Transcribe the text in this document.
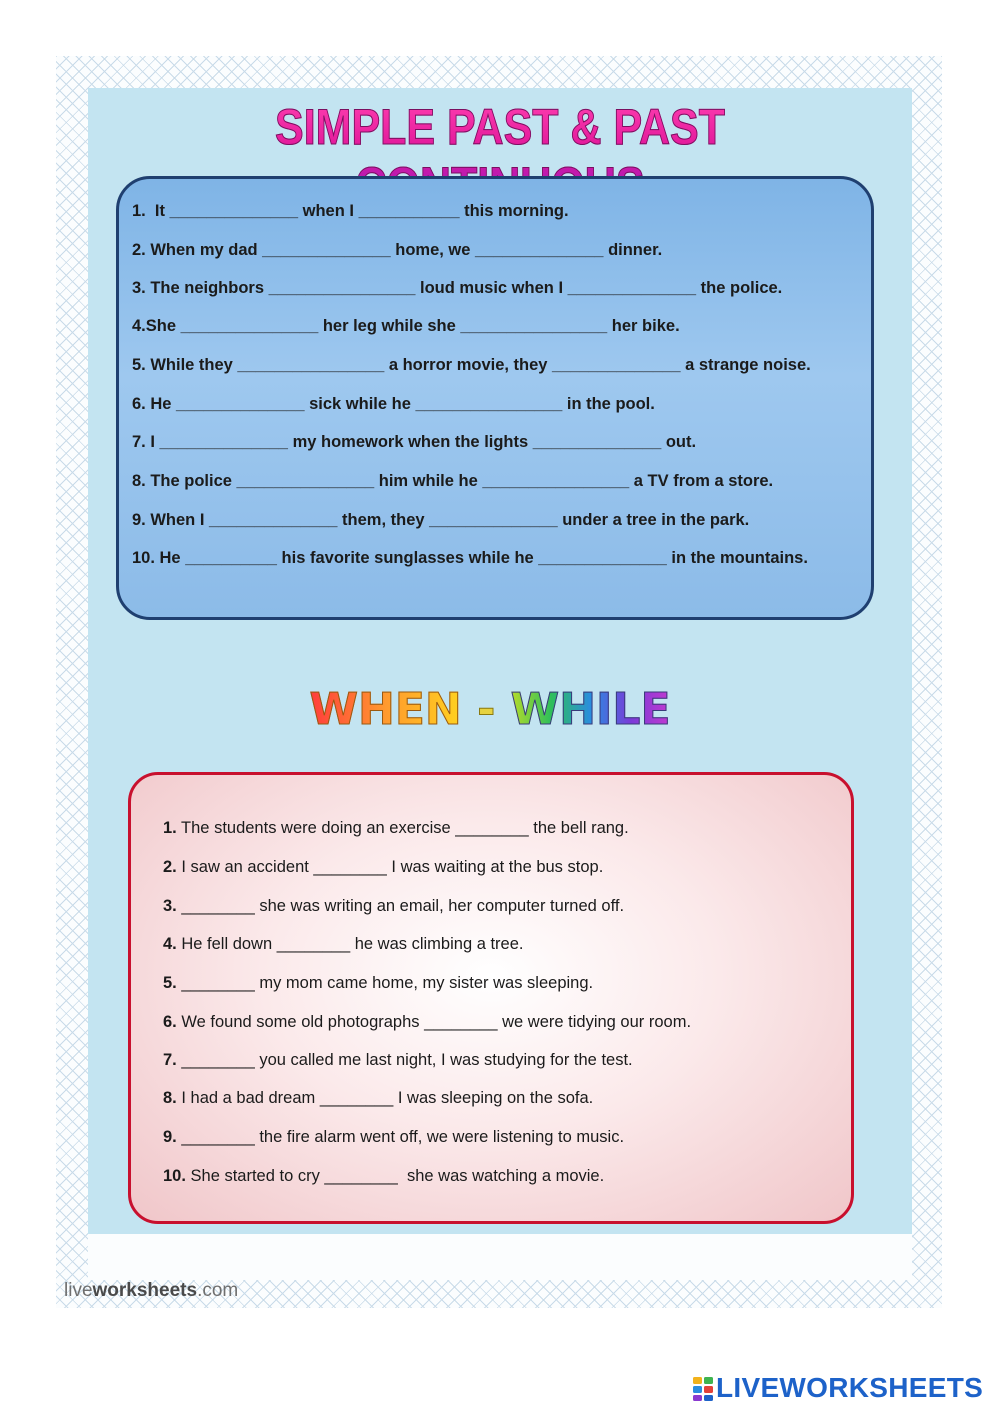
SIMPLE PAST & PAST

1.  It ______________ when I ___________ this morning.

2. When my dad ______________ home, we ______________ dinner.

3. The neighbors ________________ loud music when I ______________ the police.

4.She _______________ her leg while she ________________ her bike.

5. While they ________________ a horror movie, they ______________ a strange noise.

6. He ______________ sick while he ________________ in the pool.

7. I ______________ my homework when the lights ______________ out.

8. The police _______________ him while he ________________ a TV from a store.

9. When I ______________ them, they ______________ under a tree in the park.

10. He __________ his favorite sunglasses while he ______________ in the mountains.

WHEN - WHILE

1. The students were doing an exercise ________ the bell rang.

2. I saw an accident ________ I was waiting at the bus stop.

3. ________ she was writing an email, her computer turned off.

4. He fell down ________ he was climbing a tree.

5. ________ my mom came home, my sister was sleeping.

6. We found some old photographs ________ we were tidying our room.

7. ________ you called me last night, I was studying for the test.

8. I had a bad dream ________ I was sleeping on the sofa.

9. ________ the fire alarm went off, we were listening to music.

10. She started to cry ________  she was watching a movie.

liveworksheets.com

LIVEWORKSHEETS
